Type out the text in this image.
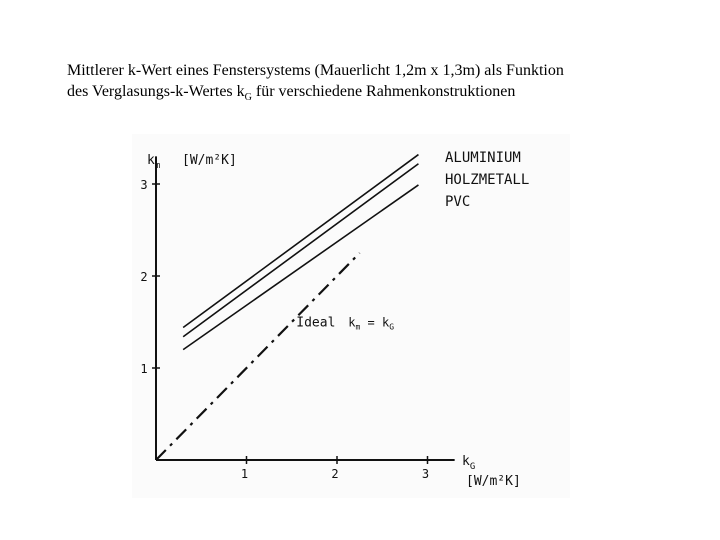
Mittlerer k-Wert eines Fenstersystems (Mauerlicht 1,2m x 1,3m) als Funktion
des Verglasungs-k-Wertes $k_G$ für verschiedene Rahmenkonstruktionen
1	2	3
1
2
3
$k_m$ [W/m²K]
$k_G$
[W/m²K]
ALUMINIUM
HOLZMETALL
PVC
Ideal $k_m = k_G$
